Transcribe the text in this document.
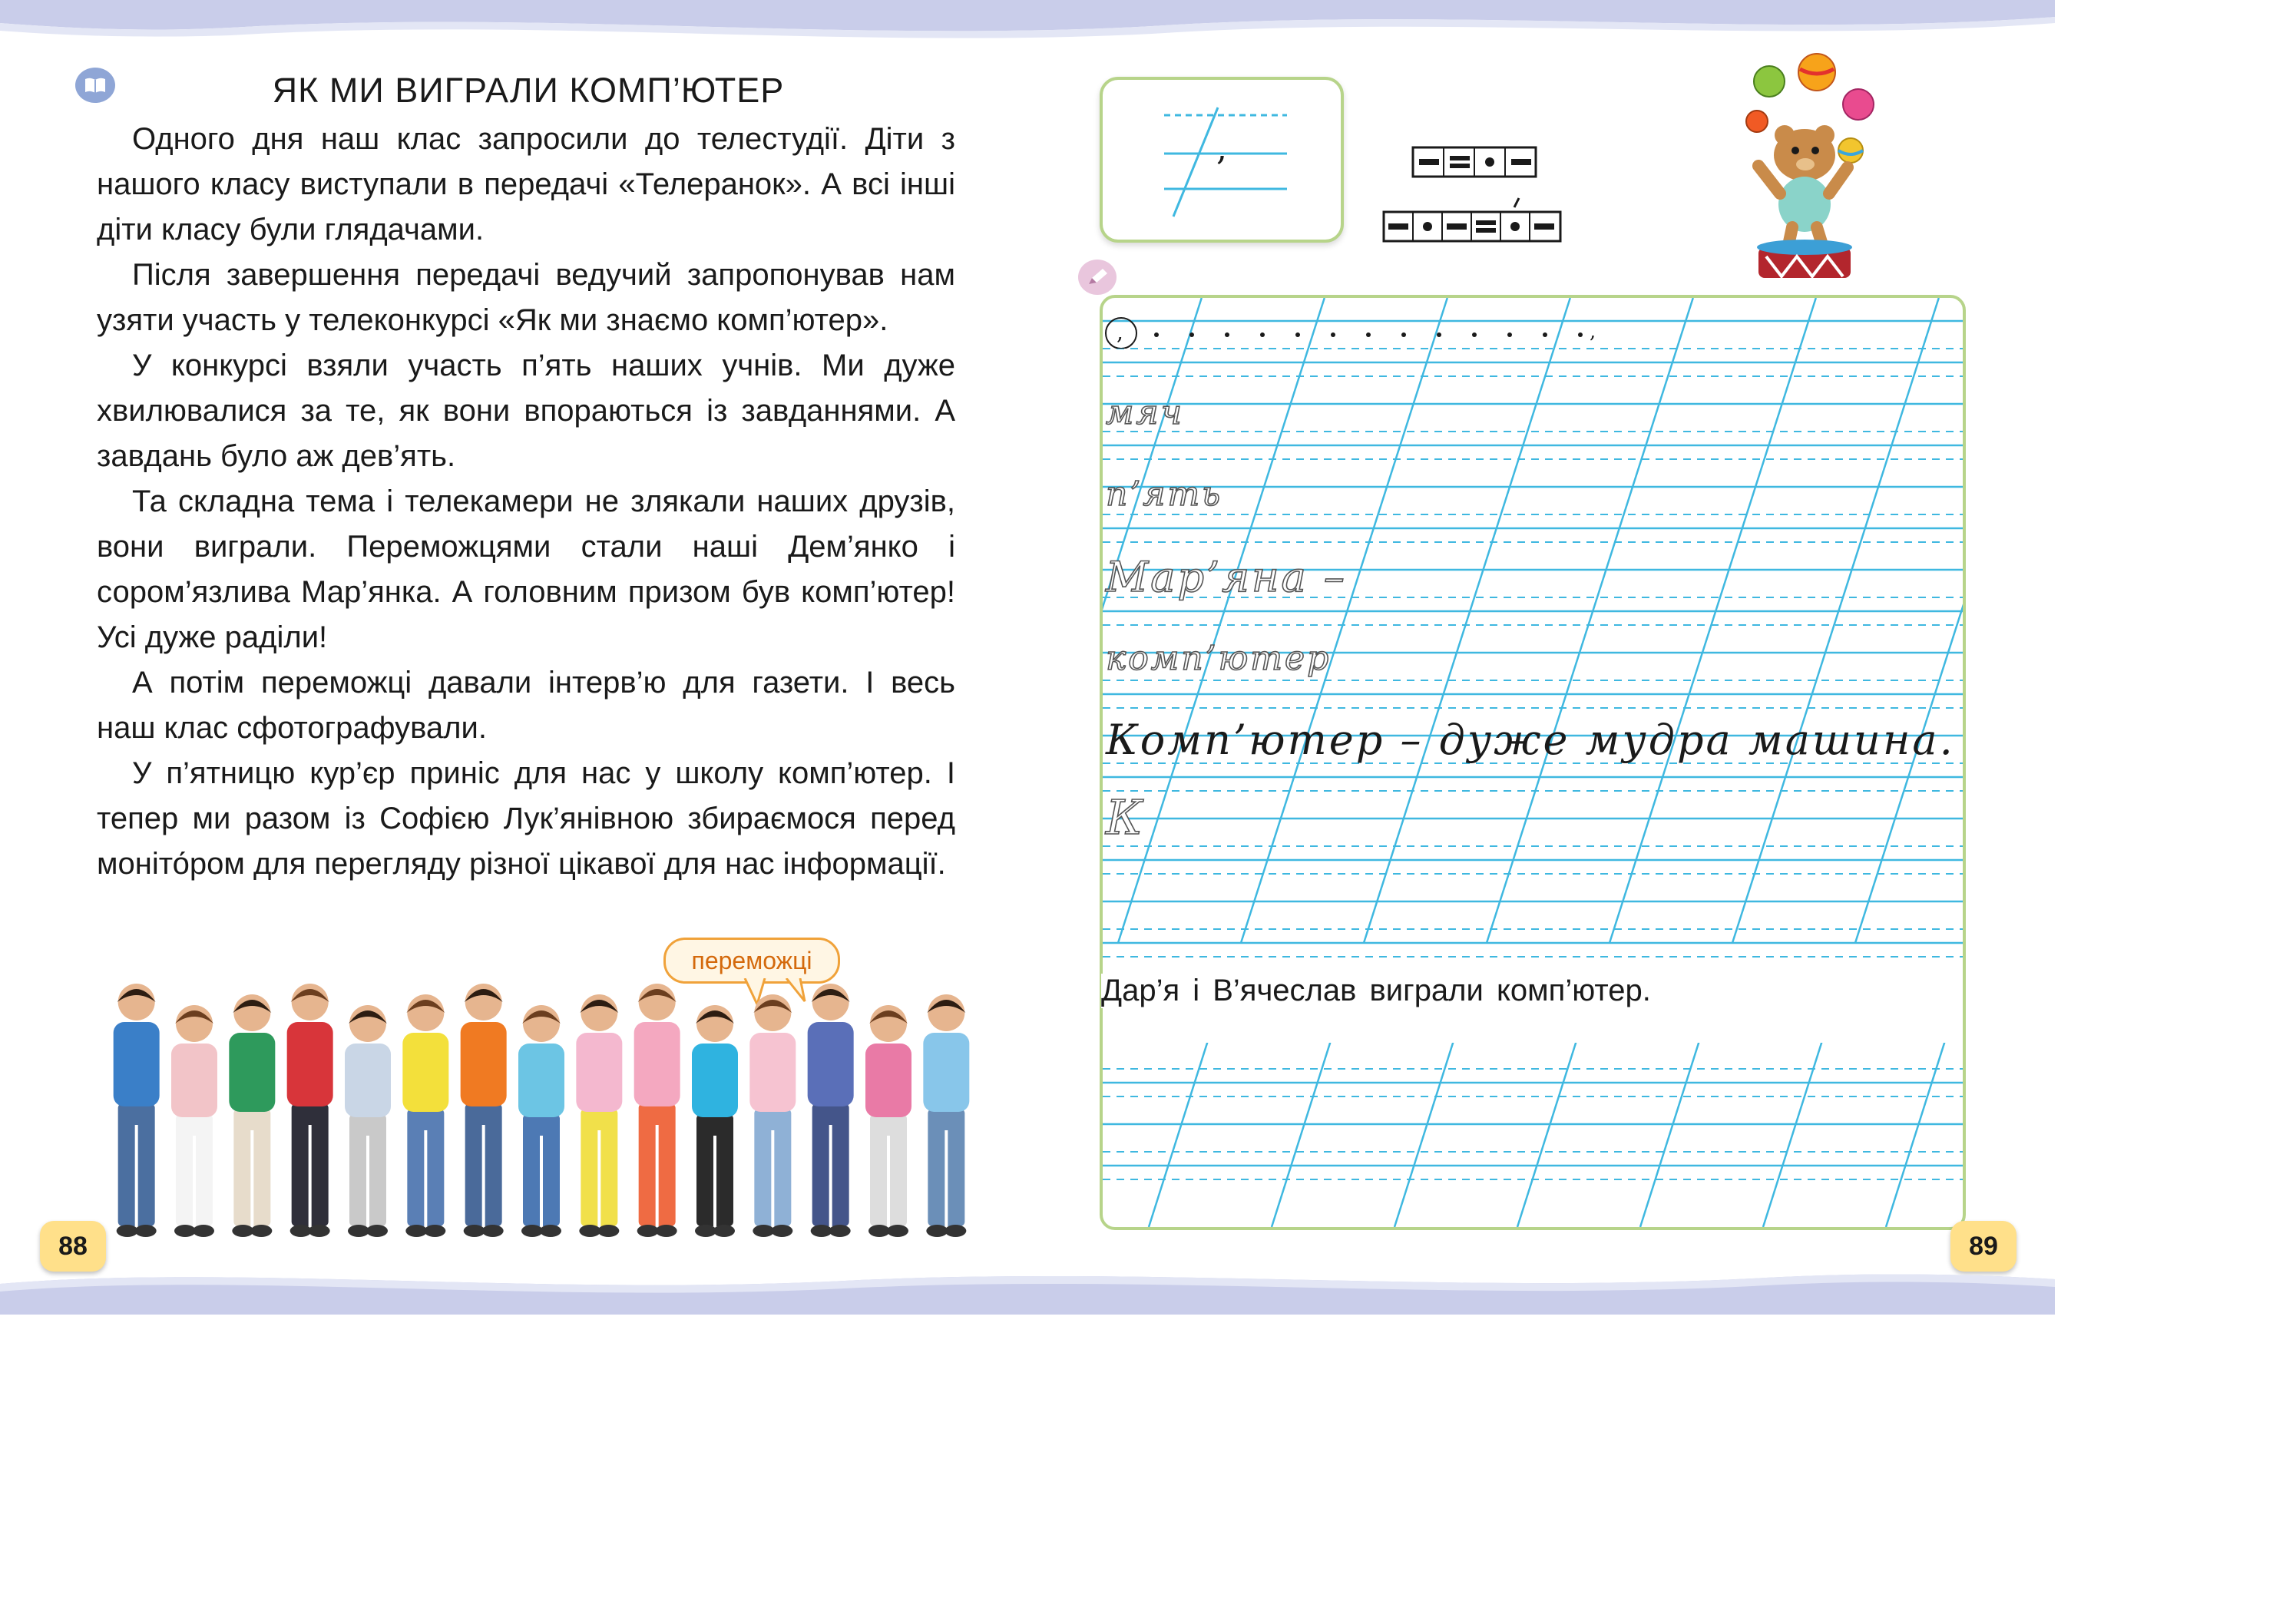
ЯК МИ ВИГРАЛИ КОМП’ЮТЕР

Одного дня наш клас запросили до телестудії. Діти з нашого класу виступали в передачі «Телеранок». А всі інші діти класу були глядачами.

Після завершення передачі ведучий запропонував нам узяти участь у телеконкурсі «Як ми знаємо комп’ютер».

У конкурсі взяли участь п’ять наших учнів. Ми дуже хвилювалися за те, як вони впораються із завданнями. А завдань було аж дев’ять.

Та складна тема і телекамери не злякали наших друзів, вони виграли. Переможцями стали наші Дем’янко і сором’язлива Мар’янка. А головним призом був комп’ютер! Усі дуже раділи!

А потім переможці давали інтерв’ю для газети. І весь наш клас сфотографували.

У п’ятницю кур’єр приніс для нас у школу комп’ютер. І тепер ми разом із Софією Лук’янівною збираємося перед моніто́ром для перегляду різної цікавої для нас інформації.

переможці
88
,
,	,
мяч
п’ять
Мар’яна –
комп’ютер
Комп’ютер – дуже мудра машина.
К
Дар’я і В’ячеслав виграли комп’ютер.
89
